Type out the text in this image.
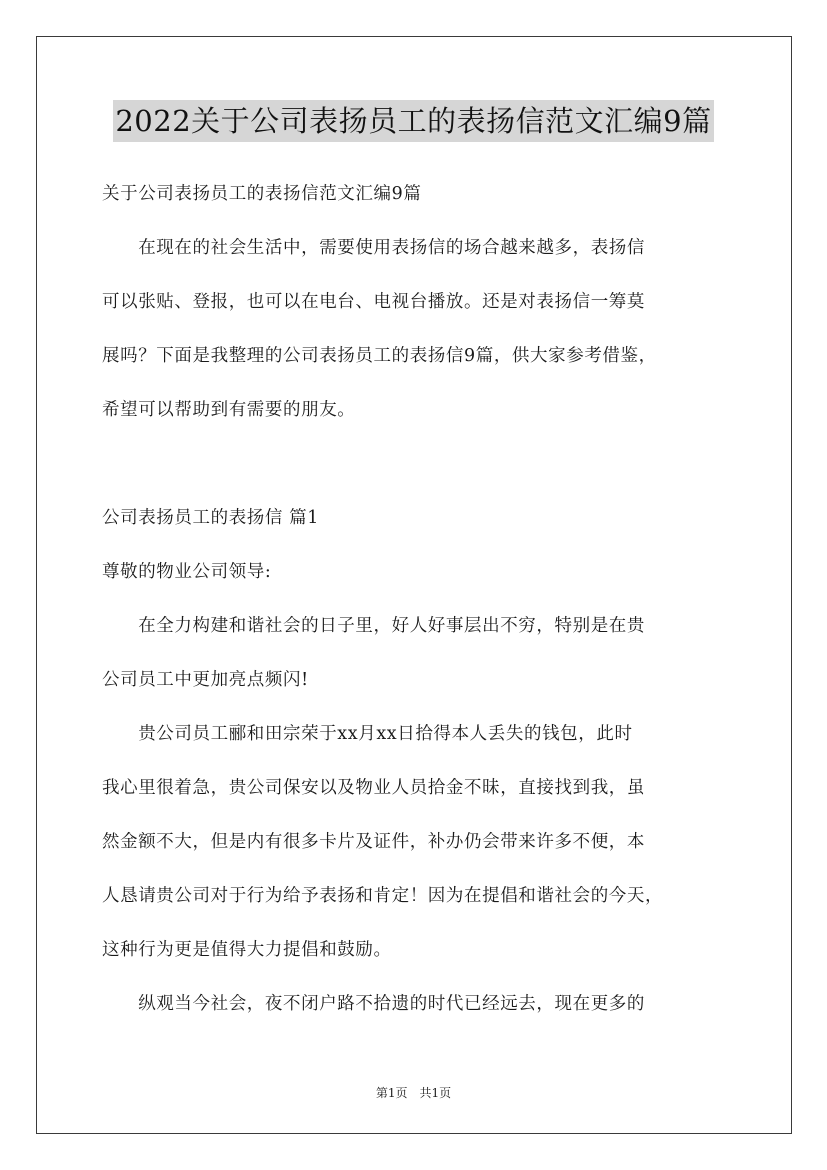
2022关于公司表扬员工的表扬信范文汇编9篇
关于公司表扬员工的表扬信范文汇编9篇
　　在现在的社会生活中，需要使用表扬信的场合越来越多，表扬信
可以张贴、登报，也可以在电台、电视台播放。还是对表扬信一筹莫
展吗？下面是我整理的公司表扬员工的表扬信9篇，供大家参考借鉴，
希望可以帮助到有需要的朋友。
公司表扬员工的表扬信 篇1
尊敬的物业公司领导:
　　在全力构建和谐社会的日子里，好人好事层出不穷，特别是在贵
公司员工中更加亮点频闪!
　　贵公司员工郦和田宗荣于xx月xx日拾得本人丢失的钱包，此时
我心里很着急，贵公司保安以及物业人员拾金不昧，直接找到我，虽
然金额不大，但是内有很多卡片及证件，补办仍会带来许多不便，本
人恳请贵公司对于行为给予表扬和肯定！因为在提倡和谐社会的今天，
这种行为更是值得大力提倡和鼓励。
　　纵观当今社会，夜不闭户路不拾遗的时代已经远去，现在更多的
第1页　共1页
